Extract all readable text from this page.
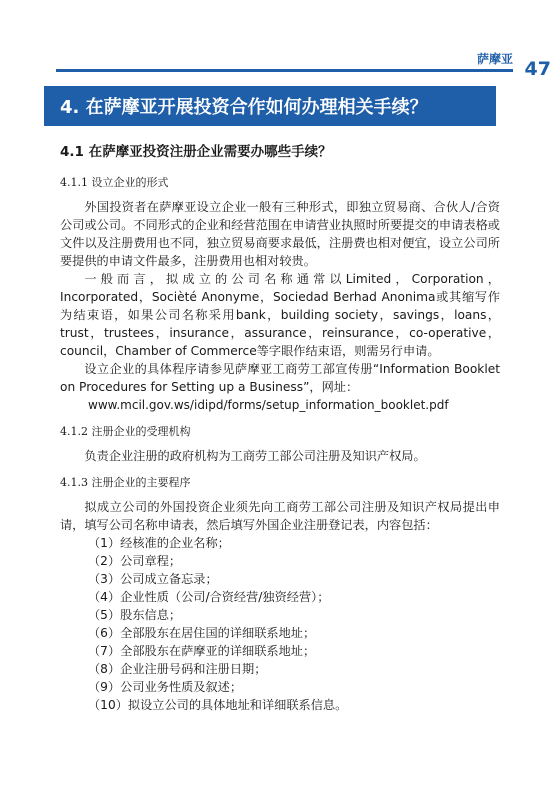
萨摩亚 47
4. 在萨摩亚开展投资合作如何办理相关手续？
4.1 在萨摩亚投资注册企业需要办哪些手续？
4.1.1 设立企业的形式

外国投资者在萨摩亚设立企业一般有三种形式，即独立贸易商、合伙人/合资公司或公司。不同形式的企业和经营范围在申请营业执照时所要提交的申请表格或文件以及注册费用也不同，独立贸易商要求最低，注册费也相对便宜，设立公司所要提供的申请文件最多，注册费用也相对较贵。

一般而言，拟成立的公司名称通常以Limited，Corporation，Incorporated，Socièté Anonyme，Sociedad Berhad Anonima或其缩写作为结束语，如果公司名称采用bank，building society，savings，loans，trust，trustees，insurance，assurance，reinsurance，co-operative，council，Chamber of Commerce等字眼作结束语，则需另行申请。

设立企业的具体程序请参见萨摩亚工商劳工部宣传册“Information Booklet on Procedures for Setting up a Business”，网址：

www.mcil.gov.ws/idipd/forms/setup_information_booklet.pdf
4.1.2 注册企业的受理机构

负责企业注册的政府机构为工商劳工部公司注册及知识产权局。

4.1.3 注册企业的主要程序

拟成立公司的外国投资企业须先向工商劳工部公司注册及知识产权局提出申请，填写公司名称申请表，然后填写外国企业注册登记表，内容包括：

（1）经核准的企业名称；
（2）公司章程；
（3）公司成立备忘录；
（4）企业性质（公司/合资经营/独资经营）；
（5）股东信息；
（6）全部股东在居住国的详细联系地址；
（7）全部股东在萨摩亚的详细联系地址；
（8）企业注册号码和注册日期；
（9）公司业务性质及叙述；
（10）拟设立公司的具体地址和详细联系信息。
